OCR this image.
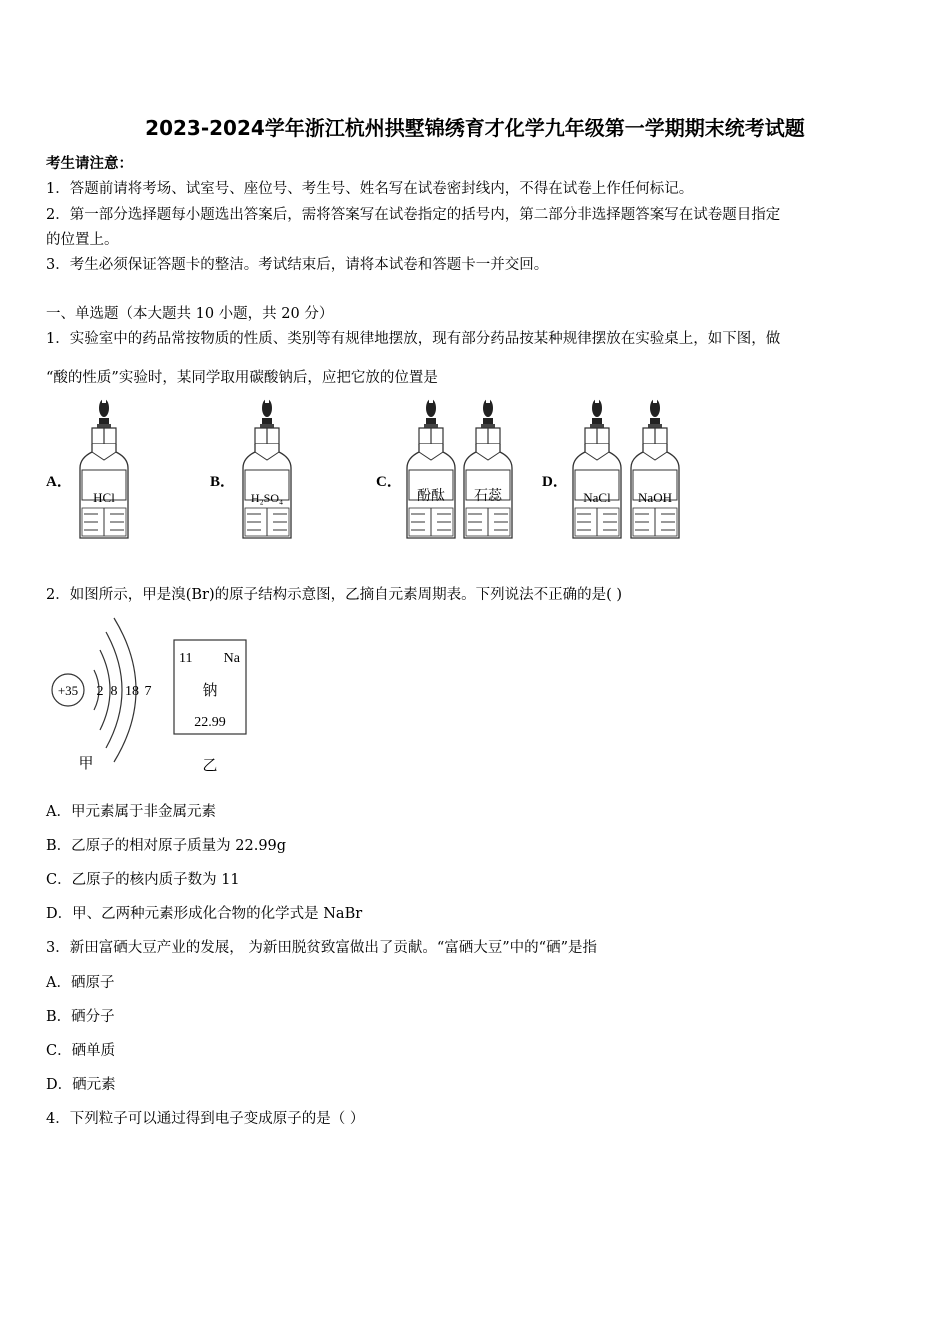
2023-2024学年浙江杭州拱墅锦绣育才化学九年级第一学期期末统考试题
考生请注意：
1．答题前请将考场、试室号、座位号、考生号、姓名写在试卷密封线内，不得在试卷上作任何标记。
2．第一部分选择题每小题选出答案后，需将答案写在试卷指定的括号内，第二部分非选择题答案写在试卷题目指定
的位置上。
3．考生必须保证答题卡的整洁。考试结束后，请将本试卷和答题卡一并交回。
一、单选题（本大题共 10 小题，共 20 分）
1．实验室中的药品常按物质的性质、类别等有规律地摆放，现有部分药品按某种规律摆放在实验桌上，如下图，做
“酸的性质”实验时，某同学取用碳酸钠后，应把它放的位置是
A．	B．	C．	D．
HCl	H₂SO₄	酚酞 石蕊	NaCl NaOH
2．如图所示，甲是溴(Br)的原子结构示意图，乙摘自元素周期表。下列说法不正确的是( )
+35 2 8 18 7
甲
11 Na
钠
22.99
乙
A．甲元素属于非金属元素
B．乙原子的相对原子质量为 22.99g
C．乙原子的核内质子数为 11
D．甲、乙两种元素形成化合物的化学式是 NaBr
3．新田富硒大豆产业的发展， 为新田脱贫致富做出了贡献。“富硒大豆”中的“硒”是指
A．硒原子
B．硒分子
C．硒单质
D．硒元素
4．下列粒子可以通过得到电子变成原子的是（ ）
